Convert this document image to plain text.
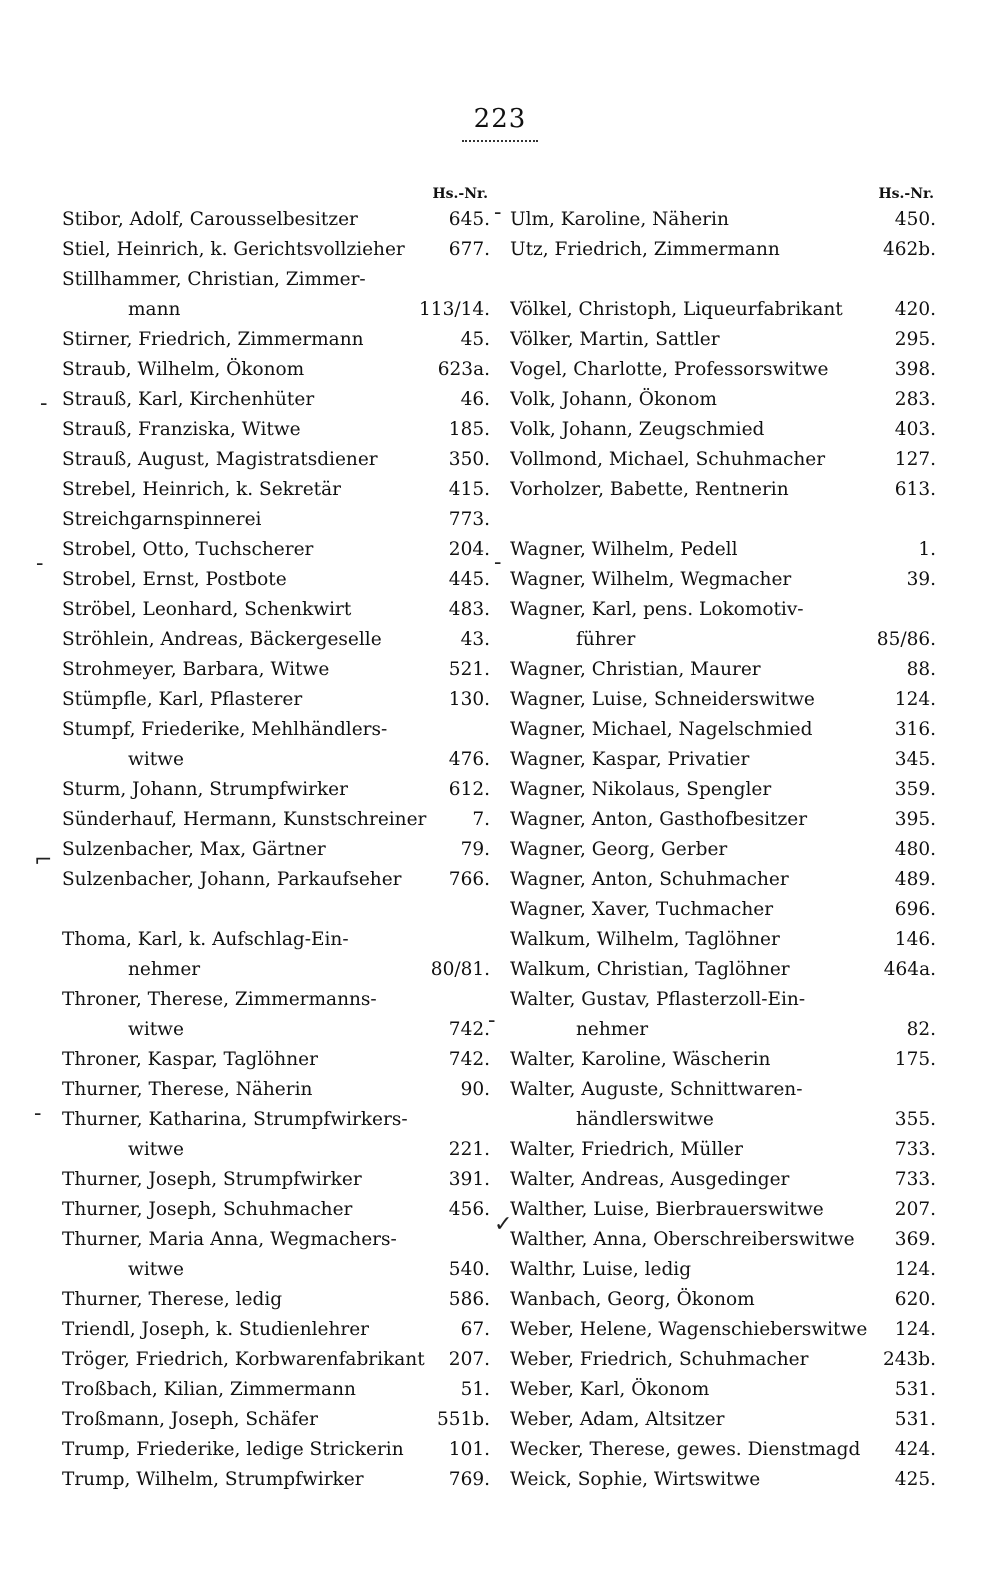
223
Hs.-Nr.	Hs.-Nr.
Stibor, Adolf, Carousselbesitzer	645.
Stiel, Heinrich, k. Gerichtsvollzieher	677.
Stillhammer, Christian, Zimmer-
mann	113/14.
Stirner, Friedrich, Zimmermann	45.
Straub, Wilhelm, Ökonom	623a.
Strauß, Karl, Kirchenhüter	46.
Strauß, Franziska, Witwe	185.
Strauß, August, Magistratsdiener	350.
Strebel, Heinrich, k. Sekretär	415.
Streichgarnspinnerei	773.
Strobel, Otto, Tuchscherer	204.
Strobel, Ernst, Postbote	445.
Ströbel, Leonhard, Schenkwirt	483.
Ströhlein, Andreas, Bäckergeselle	43.
Strohmeyer, Barbara, Witwe	521.
Stümpfle, Karl, Pflasterer	130.
Stumpf, Friederike, Mehlhändlers-
witwe	476.
Sturm, Johann, Strumpfwirker	612.
Sünderhauf, Hermann, Kunstschreiner	7.
Sulzenbacher, Max, Gärtner	79.
Sulzenbacher, Johann, Parkaufseher	766.
Thoma, Karl, k. Aufschlag-Ein-
nehmer	80/81.
Throner, Therese, Zimmermanns-
witwe	742.
Throner, Kaspar, Taglöhner	742.
Thurner, Therese, Näherin	90.
Thurner, Katharina, Strumpfwirkers-
witwe	221.
Thurner, Joseph, Strumpfwirker	391.
Thurner, Joseph, Schuhmacher	456.
Thurner, Maria Anna, Wegmachers-
witwe	540.
Thurner, Therese, ledig	586.
Triendl, Joseph, k. Studienlehrer	67.
Tröger, Friedrich, Korbwarenfabrikant	207.
Troßbach, Kilian, Zimmermann	51.
Troßmann, Joseph, Schäfer	551b.
Trump, Friederike, ledige Strickerin	101.
Trump, Wilhelm, Strumpfwirker	769.
Ulm, Karoline, Näherin	450.
Utz, Friedrich, Zimmermann	462b.
Völkel, Christoph, Liqueurfabrikant	420.
Völker, Martin, Sattler	295.
Vogel, Charlotte, Professorswitwe	398.
Volk, Johann, Ökonom	283.
Volk, Johann, Zeugschmied	403.
Vollmond, Michael, Schuhmacher	127.
Vorholzer, Babette, Rentnerin	613.
Wagner, Wilhelm, Pedell	1.
Wagner, Wilhelm, Wegmacher	39.
Wagner, Karl, pens. Lokomotiv-
führer	85/86.
Wagner, Christian, Maurer	88.
Wagner, Luise, Schneiderswitwe	124.
Wagner, Michael, Nagelschmied	316.
Wagner, Kaspar, Privatier	345.
Wagner, Nikolaus, Spengler	359.
Wagner, Anton, Gasthofbesitzer	395.
Wagner, Georg, Gerber	480.
Wagner, Anton, Schuhmacher	489.
Wagner, Xaver, Tuchmacher	696.
Walkum, Wilhelm, Taglöhner	146.
Walkum, Christian, Taglöhner	464a.
Walter, Gustav, Pflasterzoll-Ein-
nehmer	82.
Walter, Karoline, Wäscherin	175.
Walter, Auguste, Schnittwaren-
händlerswitwe	355.
Walter, Friedrich, Müller	733.
Walter, Andreas, Ausgedinger	733.
Walther, Luise, Bierbrauerswitwe	207.
Walther, Anna, Oberschreiberswitwe	369.
Walthr, Luise, ledig	124.
Wanbach, Georg, Ökonom	620.
Weber, Helene, Wagenschieberswitwe	124.
Weber, Friedrich, Schuhmacher	243b.
Weber, Karl, Ökonom	531.
Weber, Adam, Altsitzer	531.
Wecker, Therese, gewes. Dienstmagd	424.
Weick, Sophie, Wirtswitwe	425.
-
-
⌐
-
-
-
-
✓
